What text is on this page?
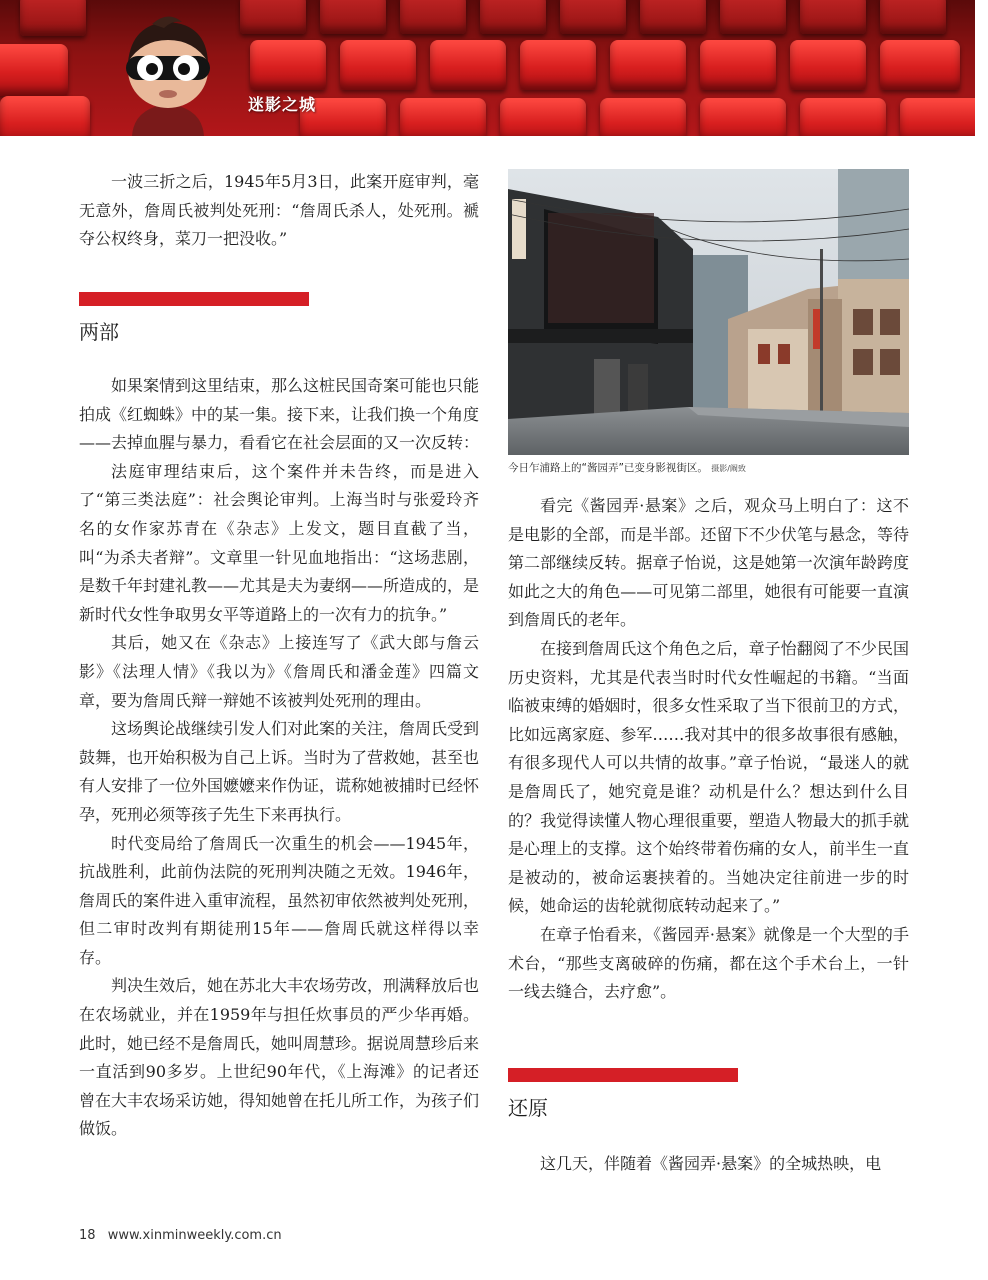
迷影之城

一波三折之后，1945年5月3日，此案开庭审判，毫无意外，詹周氏被判处死刑：“詹周氏杀人，处死刑。褫夺公权终身，菜刀一把没收。”

两部

如果案情到这里结束，那么这桩民国奇案可能也只能拍成《红蜘蛛》中的某一集。接下来，让我们换一个角度——去掉血腥与暴力，看看它在社会层面的又一次反转：

法庭审理结束后，这个案件并未告终，而是进入了“第三类法庭”：社会舆论审判。上海当时与张爱玲齐名的女作家苏青在《杂志》上发文，题目直截了当，叫“为杀夫者辩”。文章里一针见血地指出：“这场悲剧，是数千年封建礼教——尤其是夫为妻纲——所造成的，是新时代女性争取男女平等道路上的一次有力的抗争。”

其后，她又在《杂志》上接连写了《武大郎与詹云影》《法理人情》《我以为》《詹周氏和潘金莲》四篇文章，要为詹周氏辩一辩她不该被判处死刑的理由。

这场舆论战继续引发人们对此案的关注，詹周氏受到鼓舞，也开始积极为自己上诉。当时为了营救她，甚至也有人安排了一位外国嬷嬷来作伪证，谎称她被捕时已经怀孕，死刑必须等孩子先生下来再执行。

时代变局给了詹周氏一次重生的机会——1945年，抗战胜利，此前伪法院的死刑判决随之无效。1946年，詹周氏的案件进入重审流程，虽然初审依然被判处死刑，但二审时改判有期徒刑15年——詹周氏就这样得以幸存。

判决生效后，她在苏北大丰农场劳改，刑满释放后也在农场就业，并在1959年与担任炊事员的严少华再婚。此时，她已经不是詹周氏，她叫周慧珍。据说周慧珍后来一直活到90多岁。上世纪90年代，《上海滩》的记者还曾在大丰农场采访她，得知她曾在托儿所工作，为孩子们做饭。

今日乍浦路上的“酱园弄”已变身影视街区。 摄影/阚致

看完《酱园弄·悬案》之后，观众马上明白了：这不是电影的全部，而是半部。还留下不少伏笔与悬念，等待第二部继续反转。据章子怡说，这是她第一次演年龄跨度如此之大的角色——可见第二部里，她很有可能要一直演到詹周氏的老年。

在接到詹周氏这个角色之后，章子怡翻阅了不少民国历史资料，尤其是代表当时时代女性崛起的书籍。“当面临被束缚的婚姻时，很多女性采取了当下很前卫的方式，比如远离家庭、参军……我对其中的很多故事很有感触，有很多现代人可以共情的故事。”章子怡说，“最迷人的就是詹周氏了，她究竟是谁？动机是什么？想达到什么目的？我觉得读懂人物心理很重要，塑造人物最大的抓手就是心理上的支撑。这个始终带着伤痛的女人，前半生一直是被动的，被命运裹挟着的。当她决定往前进一步的时候，她命运的齿轮就彻底转动起来了。”

在章子怡看来，《酱园弄·悬案》就像是一个大型的手术台，“那些支离破碎的伤痛，都在这个手术台上，一针一线去缝合，去疗愈”。

还原

这几天，伴随着《酱园弄·悬案》的全城热映，电

18 www.xinminweekly.com.cn
